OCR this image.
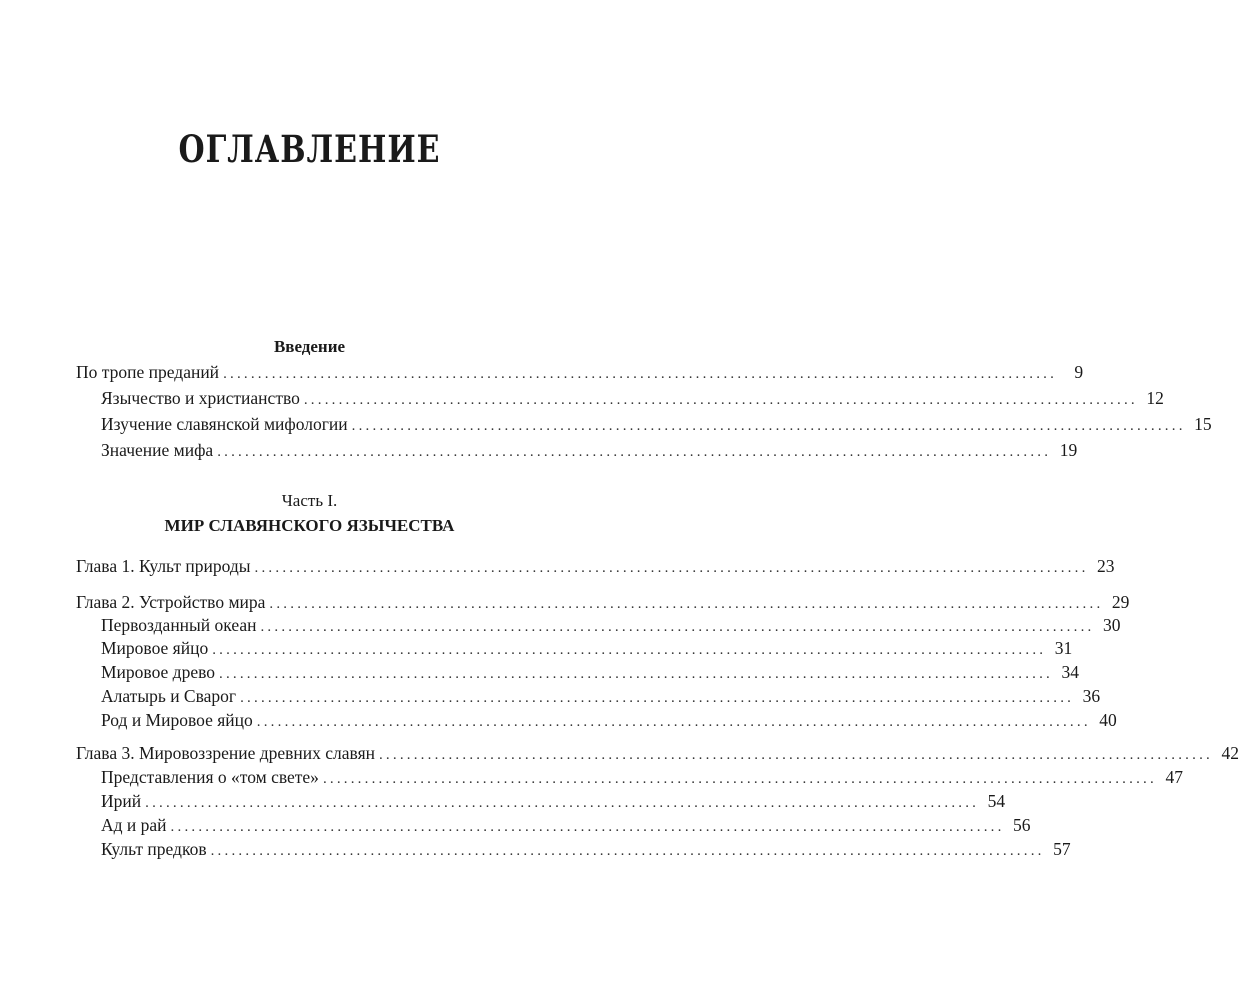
ОГЛАВЛЕНИЕ
Введение
По тропе преданий ........................................................................................................................ 9
Язычество и христианство ........................................................................................................................ 12
Изучение славянской мифологии ........................................................................................................................ 15
Значение мифа ........................................................................................................................ 19
Часть I.
МИР СЛАВЯНСКОГО ЯЗЫЧЕСТВА
Глава 1. Культ природы ........................................................................................................................ 23
Глава 2. Устройство мира ........................................................................................................................ 29
Первозданный океан ........................................................................................................................ 30
Мировое яйцо ........................................................................................................................ 31
Мировое древо ........................................................................................................................ 34
Алатырь и Сварог ........................................................................................................................ 36
Род и Мировое яйцо ........................................................................................................................ 40
Глава 3. Мировоззрение древних славян ........................................................................................................................ 42
Представления о «том свете» ........................................................................................................................ 47
Ирий ........................................................................................................................ 54
Ад и рай ........................................................................................................................ 56
Культ предков ........................................................................................................................ 57
